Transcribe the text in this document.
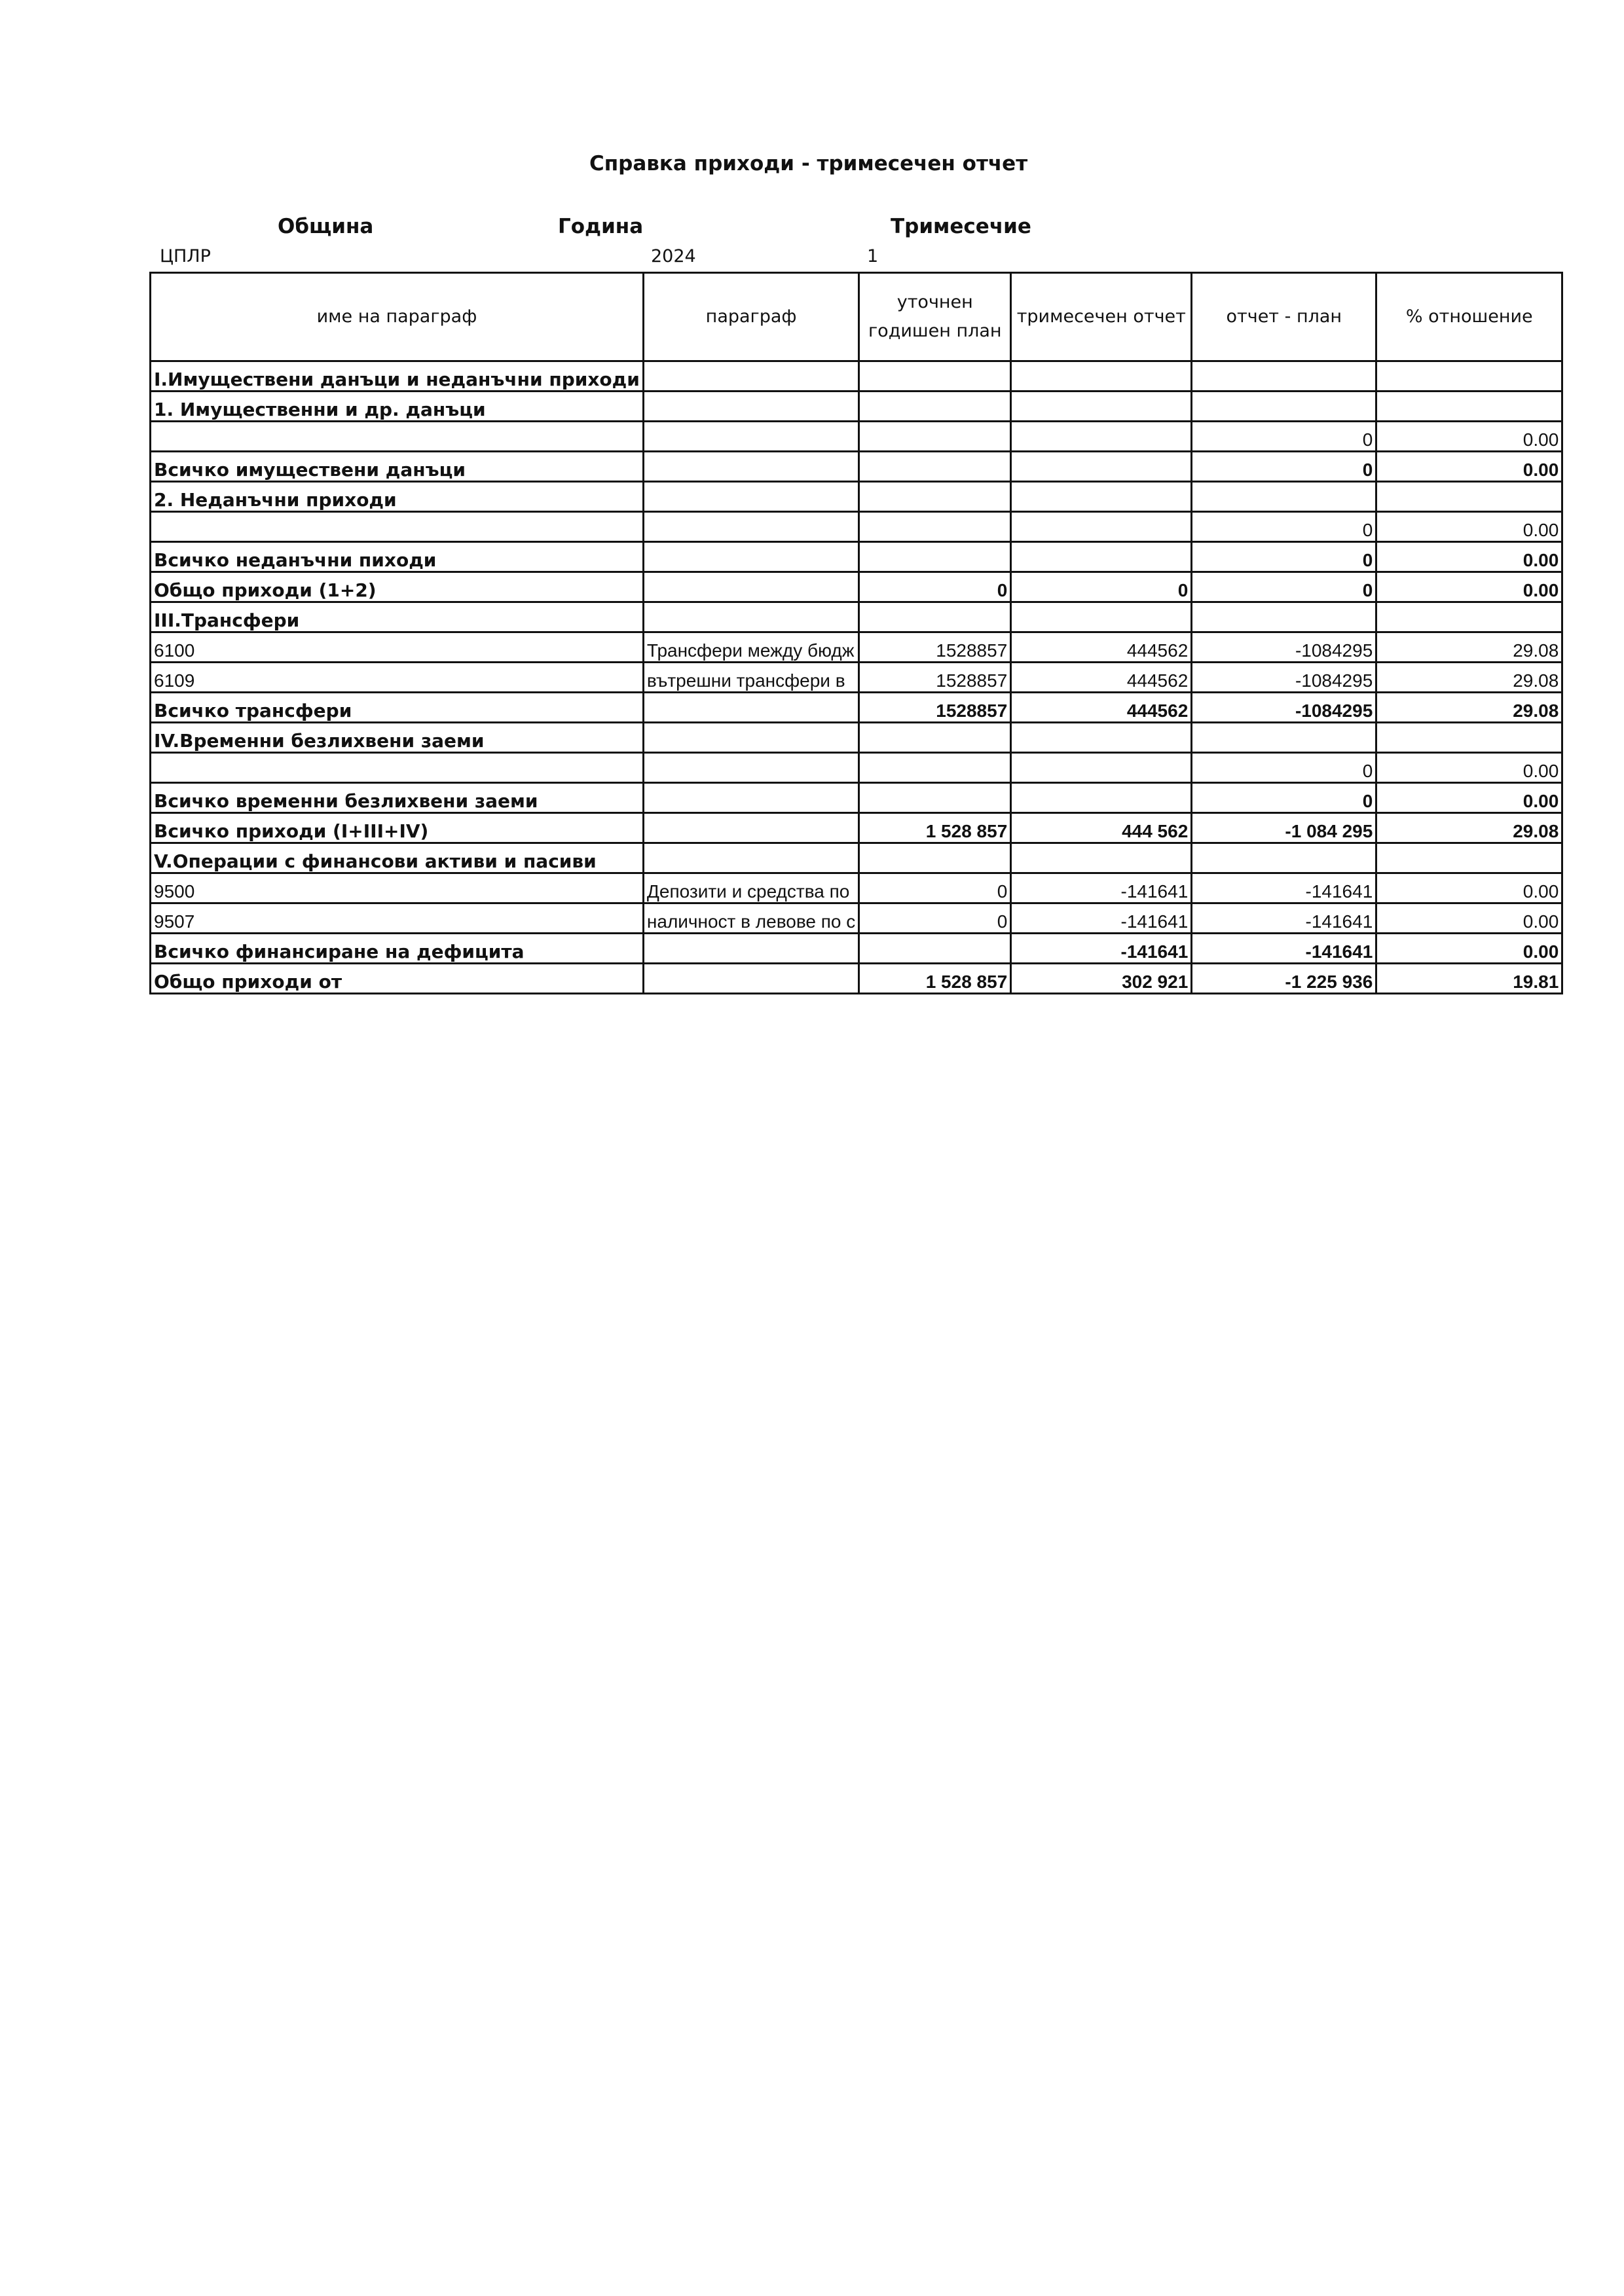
Справка приходи - тримесечен отчет
Община	Година	Тримесечие
ЦПЛР	2024	1
име на параграф	параграф	уточнен годишен план	тримесечен отчет	отчет - план	% отношение
I.Имуществени данъци и неданъчни приходи					
1. Имущественни и др. данъци					
				0	0.00
Всичко имуществени данъци				0	0.00
2. Неданъчни приходи					
				0	0.00
Всичко неданъчни пиходи				0	0.00
Общо приходи (1+2)		0	0	0	0.00
III.Трансфери					
6100	Трансфери между бюдж	1528857	444562	-1084295	29.08
6109	вътрешни трансфери в	1528857	444562	-1084295	29.08
Всичко трансфери		1528857	444562	-1084295	29.08
IV.Временни безлихвени заеми					
				0	0.00
Всичко временни безлихвени заеми				0	0.00
Всичко приходи (I+III+IV)		1 528 857	444 562	-1 084 295	29.08
V.Операции с финансови активи и пасиви					
9500	Депозити и средства по	0	-141641	-141641	0.00
9507	наличност в левове по с	0	-141641	-141641	0.00
Всичко финансиране на дефицита			-141641	-141641	0.00
Общо приходи от		1 528 857	302 921	-1 225 936	19.81
